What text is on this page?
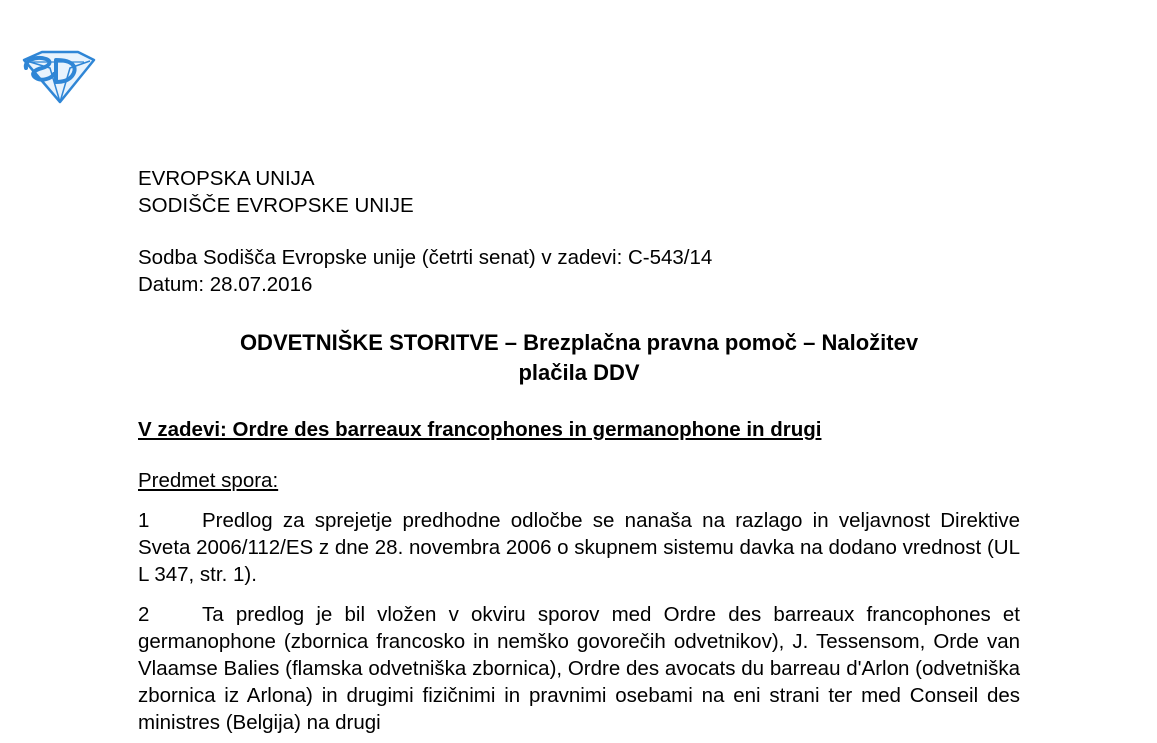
EVROPSKA UNIJA
SODIŠČE EVROPSKE UNIJE
Sodba Sodišča Evropske unije (četrti senat) v zadevi: C-543/14
Datum: 28.07.2016
ODVETNIŠKE STORITVE – Brezplačna pravna pomoč – Naložitev
plačila DDV
V zadevi: Ordre des barreaux francophones in germanophone in drugi
Predmet spora:
1	Predlog za sprejetje predhodne odločbe se nanaša na razlago in veljavnost Direktive Sveta 2006/112/ES z dne 28. novembra 2006 o skupnem sistemu davka na dodano vrednost (UL L 347, str. 1).
2	Ta predlog je bil vložen v okviru sporov med Ordre des barreaux francophones et germanophone (zbornica francosko in nemško govorečih odvetnikov), J. Tessensom, Orde van Vlaamse Balies (flamska odvetniška zbornica), Ordre des avocats du barreau d'Arlon (odvetniška zbornica iz Arlona) in drugimi fizičnimi in pravnimi osebami na eni strani ter med Conseil des ministres (Belgija) na drugi
